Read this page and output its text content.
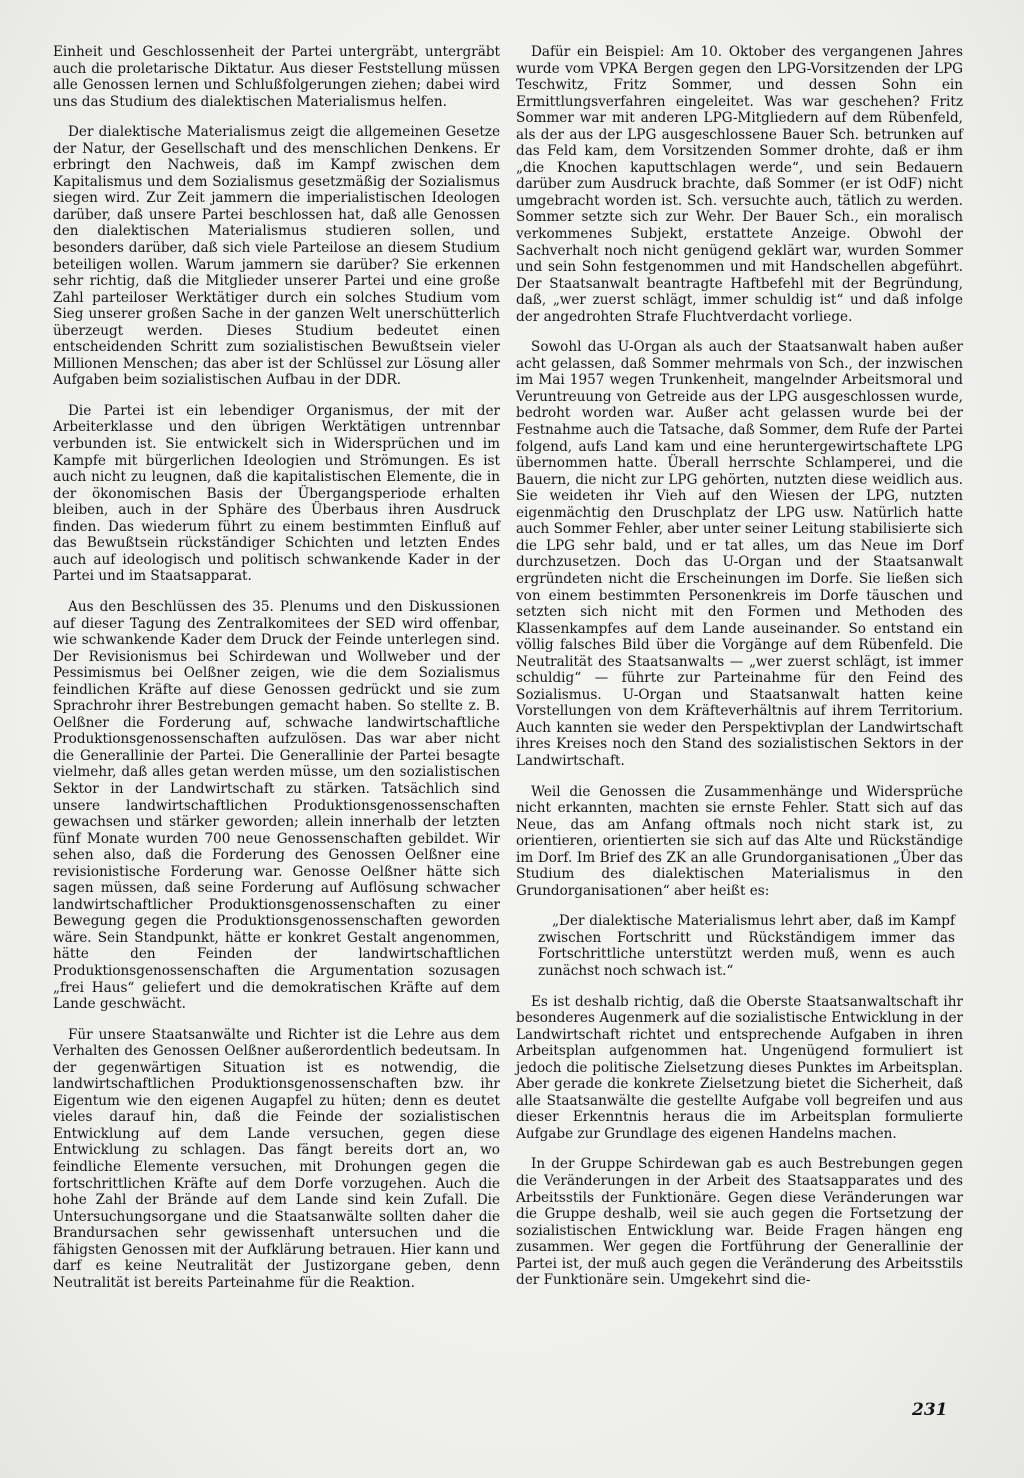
Einheit und Geschlossenheit der Partei untergräbt, untergräbt auch die proletarische Diktatur. Aus dieser Feststellung müssen alle Genossen lernen und Schlußfolgerungen ziehen; dabei wird uns das Studium des dialektischen Materialismus helfen.

Der dialektische Materialismus zeigt die allgemeinen Gesetze der Natur, der Gesellschaft und des menschlichen Denkens. Er erbringt den Nachweis, daß im Kampf zwischen dem Kapitalismus und dem Sozialismus gesetzmäßig der Sozialismus siegen wird. Zur Zeit jammern die imperialistischen Ideologen darüber, daß unsere Partei beschlossen hat, daß alle Genossen den dialektischen Materialismus studieren sollen, und besonders darüber, daß sich viele Parteilose an diesem Studium beteiligen wollen. Warum jammern sie darüber? Sie erkennen sehr richtig, daß die Mitglieder unserer Partei und eine große Zahl parteiloser Werktätiger durch ein solches Studium vom Sieg unserer großen Sache in der ganzen Welt unerschütterlich überzeugt werden. Dieses Studium bedeutet einen entscheidenden Schritt zum sozialistischen Bewußtsein vieler Millionen Menschen; das aber ist der Schlüssel zur Lösung aller Aufgaben beim sozialistischen Aufbau in der DDR.

Die Partei ist ein lebendiger Organismus, der mit der Arbeiterklasse und den übrigen Werktätigen untrennbar verbunden ist. Sie entwickelt sich in Widersprüchen und im Kampfe mit bürgerlichen Ideologien und Strömungen. Es ist auch nicht zu leugnen, daß die kapitalistischen Elemente, die in der ökonomischen Basis der Übergangsperiode erhalten bleiben, auch in der Sphäre des Überbaus ihren Ausdruck finden. Das wiederum führt zu einem bestimmten Einfluß auf das Bewußtsein rückständiger Schichten und letzten Endes auch auf ideologisch und politisch schwankende Kader in der Partei und im Staatsapparat.

Aus den Beschlüssen des 35. Plenums und den Diskussionen auf dieser Tagung des Zentralkomitees der SED wird offenbar, wie schwankende Kader dem Druck der Feinde unterlegen sind. Der Revisionismus bei Schirdewan und Wollweber und der Pessimismus bei Oelßner zeigen, wie die dem Sozialismus feindlichen Kräfte auf diese Genossen gedrückt und sie zum Sprachrohr ihrer Bestrebungen gemacht haben. So stellte z. B. Oelßner die Forderung auf, schwache landwirtschaftliche Produktionsgenossenschaften aufzulösen. Das war aber nicht die Generallinie der Partei. Die Generallinie der Partei besagte vielmehr, daß alles getan werden müsse, um den sozialistischen Sektor in der Landwirtschaft zu stärken. Tatsächlich sind unsere landwirtschaftlichen Produktionsgenossenschaften gewachsen und stärker geworden; allein innerhalb der letzten fünf Monate wurden 700 neue Genossenschaften gebildet. Wir sehen also, daß die Forderung des Genossen Oelßner eine revisionistische Forderung war. Genosse Oelßner hätte sich sagen müssen, daß seine Forderung auf Auflösung schwacher landwirtschaftlicher Produktionsgenossenschaften zu einer Bewegung gegen die Produktionsgenossenschaften geworden wäre. Sein Standpunkt, hätte er konkret Gestalt angenommen, hätte den Feinden der landwirtschaftlichen Produktionsgenossenschaften die Argumentation sozusagen „frei Haus“ geliefert und die demokratischen Kräfte auf dem Lande geschwächt.

Für unsere Staatsanwälte und Richter ist die Lehre aus dem Verhalten des Genossen Oelßner außerordentlich bedeutsam. In der gegenwärtigen Situation ist es notwendig, die landwirtschaftlichen Produktionsgenossenschaften bzw. ihr Eigentum wie den eigenen Augapfel zu hüten; denn es deutet vieles darauf hin, daß die Feinde der sozialistischen Entwicklung auf dem Lande versuchen, gegen diese Entwicklung zu schlagen. Das fängt bereits dort an, wo feindliche Elemente versuchen, mit Drohungen gegen die fortschrittlichen Kräfte auf dem Dorfe vorzugehen. Auch die hohe Zahl der Brände auf dem Lande sind kein Zufall. Die Untersuchungsorgane und die Staatsanwälte sollten daher die Brandursachen sehr gewissenhaft untersuchen und die fähigsten Genossen mit der Aufklärung betrauen. Hier kann und darf es keine Neutralität der Justizorgane geben, denn Neutralität ist bereits Parteinahme für die Reaktion.

Dafür ein Beispiel: Am 10. Oktober des vergangenen Jahres wurde vom VPKA Bergen gegen den LPG-Vorsitzenden der LPG Teschwitz, Fritz Sommer, und dessen Sohn ein Ermittlungsverfahren eingeleitet. Was war geschehen? Fritz Sommer war mit anderen LPG-Mitgliedern auf dem Rübenfeld, als der aus der LPG ausgeschlossene Bauer Sch. betrunken auf das Feld kam, dem Vorsitzenden Sommer drohte, daß er ihm „die Knochen kaputtschlagen werde“, und sein Bedauern darüber zum Ausdruck brachte, daß Sommer (er ist OdF) nicht umgebracht worden ist. Sch. versuchte auch, tätlich zu werden. Sommer setzte sich zur Wehr. Der Bauer Sch., ein moralisch verkommenes Subjekt, erstattete Anzeige. Obwohl der Sachverhalt noch nicht genügend geklärt war, wurden Sommer und sein Sohn festgenommen und mit Handschellen abgeführt. Der Staatsanwalt beantragte Haftbefehl mit der Begründung, daß, „wer zuerst schlägt, immer schuldig ist“ und daß infolge der angedrohten Strafe Fluchtverdacht vorliege.

Sowohl das U-Organ als auch der Staatsanwalt haben außer acht gelassen, daß Sommer mehrmals von Sch., der inzwischen im Mai 1957 wegen Trunkenheit, mangelnder Arbeitsmoral und Veruntreuung von Getreide aus der LPG ausgeschlossen wurde, bedroht worden war. Außer acht gelassen wurde bei der Festnahme auch die Tatsache, daß Sommer, dem Rufe der Partei folgend, aufs Land kam und eine heruntergewirtschaftete LPG übernommen hatte. Überall herrschte Schlamperei, und die Bauern, die nicht zur LPG gehörten, nutzten diese weidlich aus. Sie weideten ihr Vieh auf den Wiesen der LPG, nutzten eigenmächtig den Druschplatz der LPG usw. Natürlich hatte auch Sommer Fehler, aber unter seiner Leitung stabilisierte sich die LPG sehr bald, und er tat alles, um das Neue im Dorf durchzusetzen. Doch das U-Organ und der Staatsanwalt ergründeten nicht die Erscheinungen im Dorfe. Sie ließen sich von einem bestimmten Personenkreis im Dorfe täuschen und setzten sich nicht mit den Formen und Methoden des Klassenkampfes auf dem Lande auseinander. So entstand ein völlig falsches Bild über die Vorgänge auf dem Rübenfeld. Die Neutralität des Staatsanwalts — „wer zuerst schlägt, ist immer schuldig“ — führte zur Parteinahme für den Feind des Sozialismus. U-Organ und Staatsanwalt hatten keine Vorstellungen von dem Kräfteverhältnis auf ihrem Territorium. Auch kannten sie weder den Perspektivplan der Landwirtschaft ihres Kreises noch den Stand des sozialistischen Sektors in der Landwirtschaft.

Weil die Genossen die Zusammenhänge und Widersprüche nicht erkannten, machten sie ernste Fehler. Statt sich auf das Neue, das am Anfang oftmals noch nicht stark ist, zu orientieren, orientierten sie sich auf das Alte und Rückständige im Dorf. Im Brief des ZK an alle Grundorganisationen „Über das Studium des dialektischen Materialismus in den Grundorganisationen“ aber heißt es:

„Der dialektische Materialismus lehrt aber, daß im Kampf zwischen Fortschritt und Rückständigem immer das Fortschrittliche unterstützt werden muß, wenn es auch zunächst noch schwach ist.“

Es ist deshalb richtig, daß die Oberste Staatsanwaltschaft ihr besonderes Augenmerk auf die sozialistische Entwicklung in der Landwirtschaft richtet und entsprechende Aufgaben in ihren Arbeitsplan aufgenommen hat. Ungenügend formuliert ist jedoch die politische Zielsetzung dieses Punktes im Arbeitsplan. Aber gerade die konkrete Zielsetzung bietet die Sicherheit, daß alle Staatsanwälte die gestellte Aufgabe voll begreifen und aus dieser Erkenntnis heraus die im Arbeitsplan formulierte Aufgabe zur Grundlage des eigenen Handelns machen.

In der Gruppe Schirdewan gab es auch Bestrebungen gegen die Veränderungen in der Arbeit des Staatsapparates und des Arbeitsstils der Funktionäre. Gegen diese Veränderungen war die Gruppe deshalb, weil sie auch gegen die Fortsetzung der sozialistischen Entwicklung war. Beide Fragen hängen eng zusammen. Wer gegen die Fortführung der Generallinie der Partei ist, der muß auch gegen die Veränderung des Arbeitsstils der Funktionäre sein. Umgekehrt sind die-

231
